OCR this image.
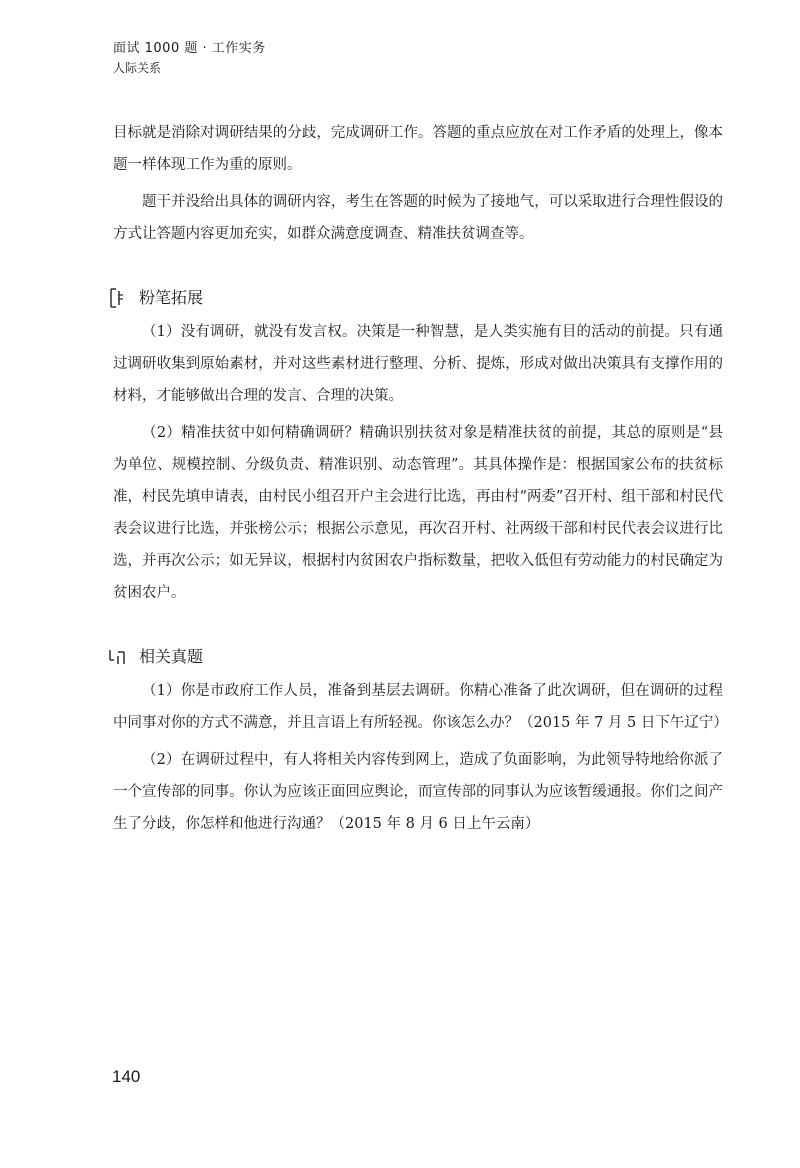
面试 1000 题 · 工作实务
人际关系

目标就是消除对调研结果的分歧，完成调研工作。答题的重点应放在对工作矛盾的处理上，像本题一样体现工作为重的原则。

题干并没给出具体的调研内容，考生在答题的时候为了接地气，可以采取进行合理性假设的方式让答题内容更加充实，如群众满意度调查、精准扶贫调查等。

粉笔拓展

（1）没有调研，就没有发言权。决策是一种智慧，是人类实施有目的活动的前提。只有通过调研收集到原始素材，并对这些素材进行整理、分析、提炼，形成对做出决策具有支撑作用的材料，才能够做出合理的发言、合理的决策。

（2）精准扶贫中如何精确调研？精确识别扶贫对象是精准扶贫的前提，其总的原则是“县为单位、规模控制、分级负责、精准识别、动态管理”。其具体操作是：根据国家公布的扶贫标准，村民先填申请表，由村民小组召开户主会进行比选，再由村“两委”召开村、组干部和村民代表会议进行比选，并张榜公示；根据公示意见，再次召开村、社两级干部和村民代表会议进行比选，并再次公示；如无异议，根据村内贫困农户指标数量，把收入低但有劳动能力的村民确定为贫困农户。

相关真题

（1）你是市政府工作人员，准备到基层去调研。你精心准备了此次调研，但在调研的过程中同事对你的方式不满意，并且言语上有所轻视。你该怎么办？（2015 年 7 月 5 日下午辽宁）

（2）在调研过程中，有人将相关内容传到网上，造成了负面影响，为此领导特地给你派了一个宣传部的同事。你认为应该正面回应舆论，而宣传部的同事认为应该暂缓通报。你们之间产生了分歧，你怎样和他进行沟通？（2015 年 8 月 6 日上午云南）

140
